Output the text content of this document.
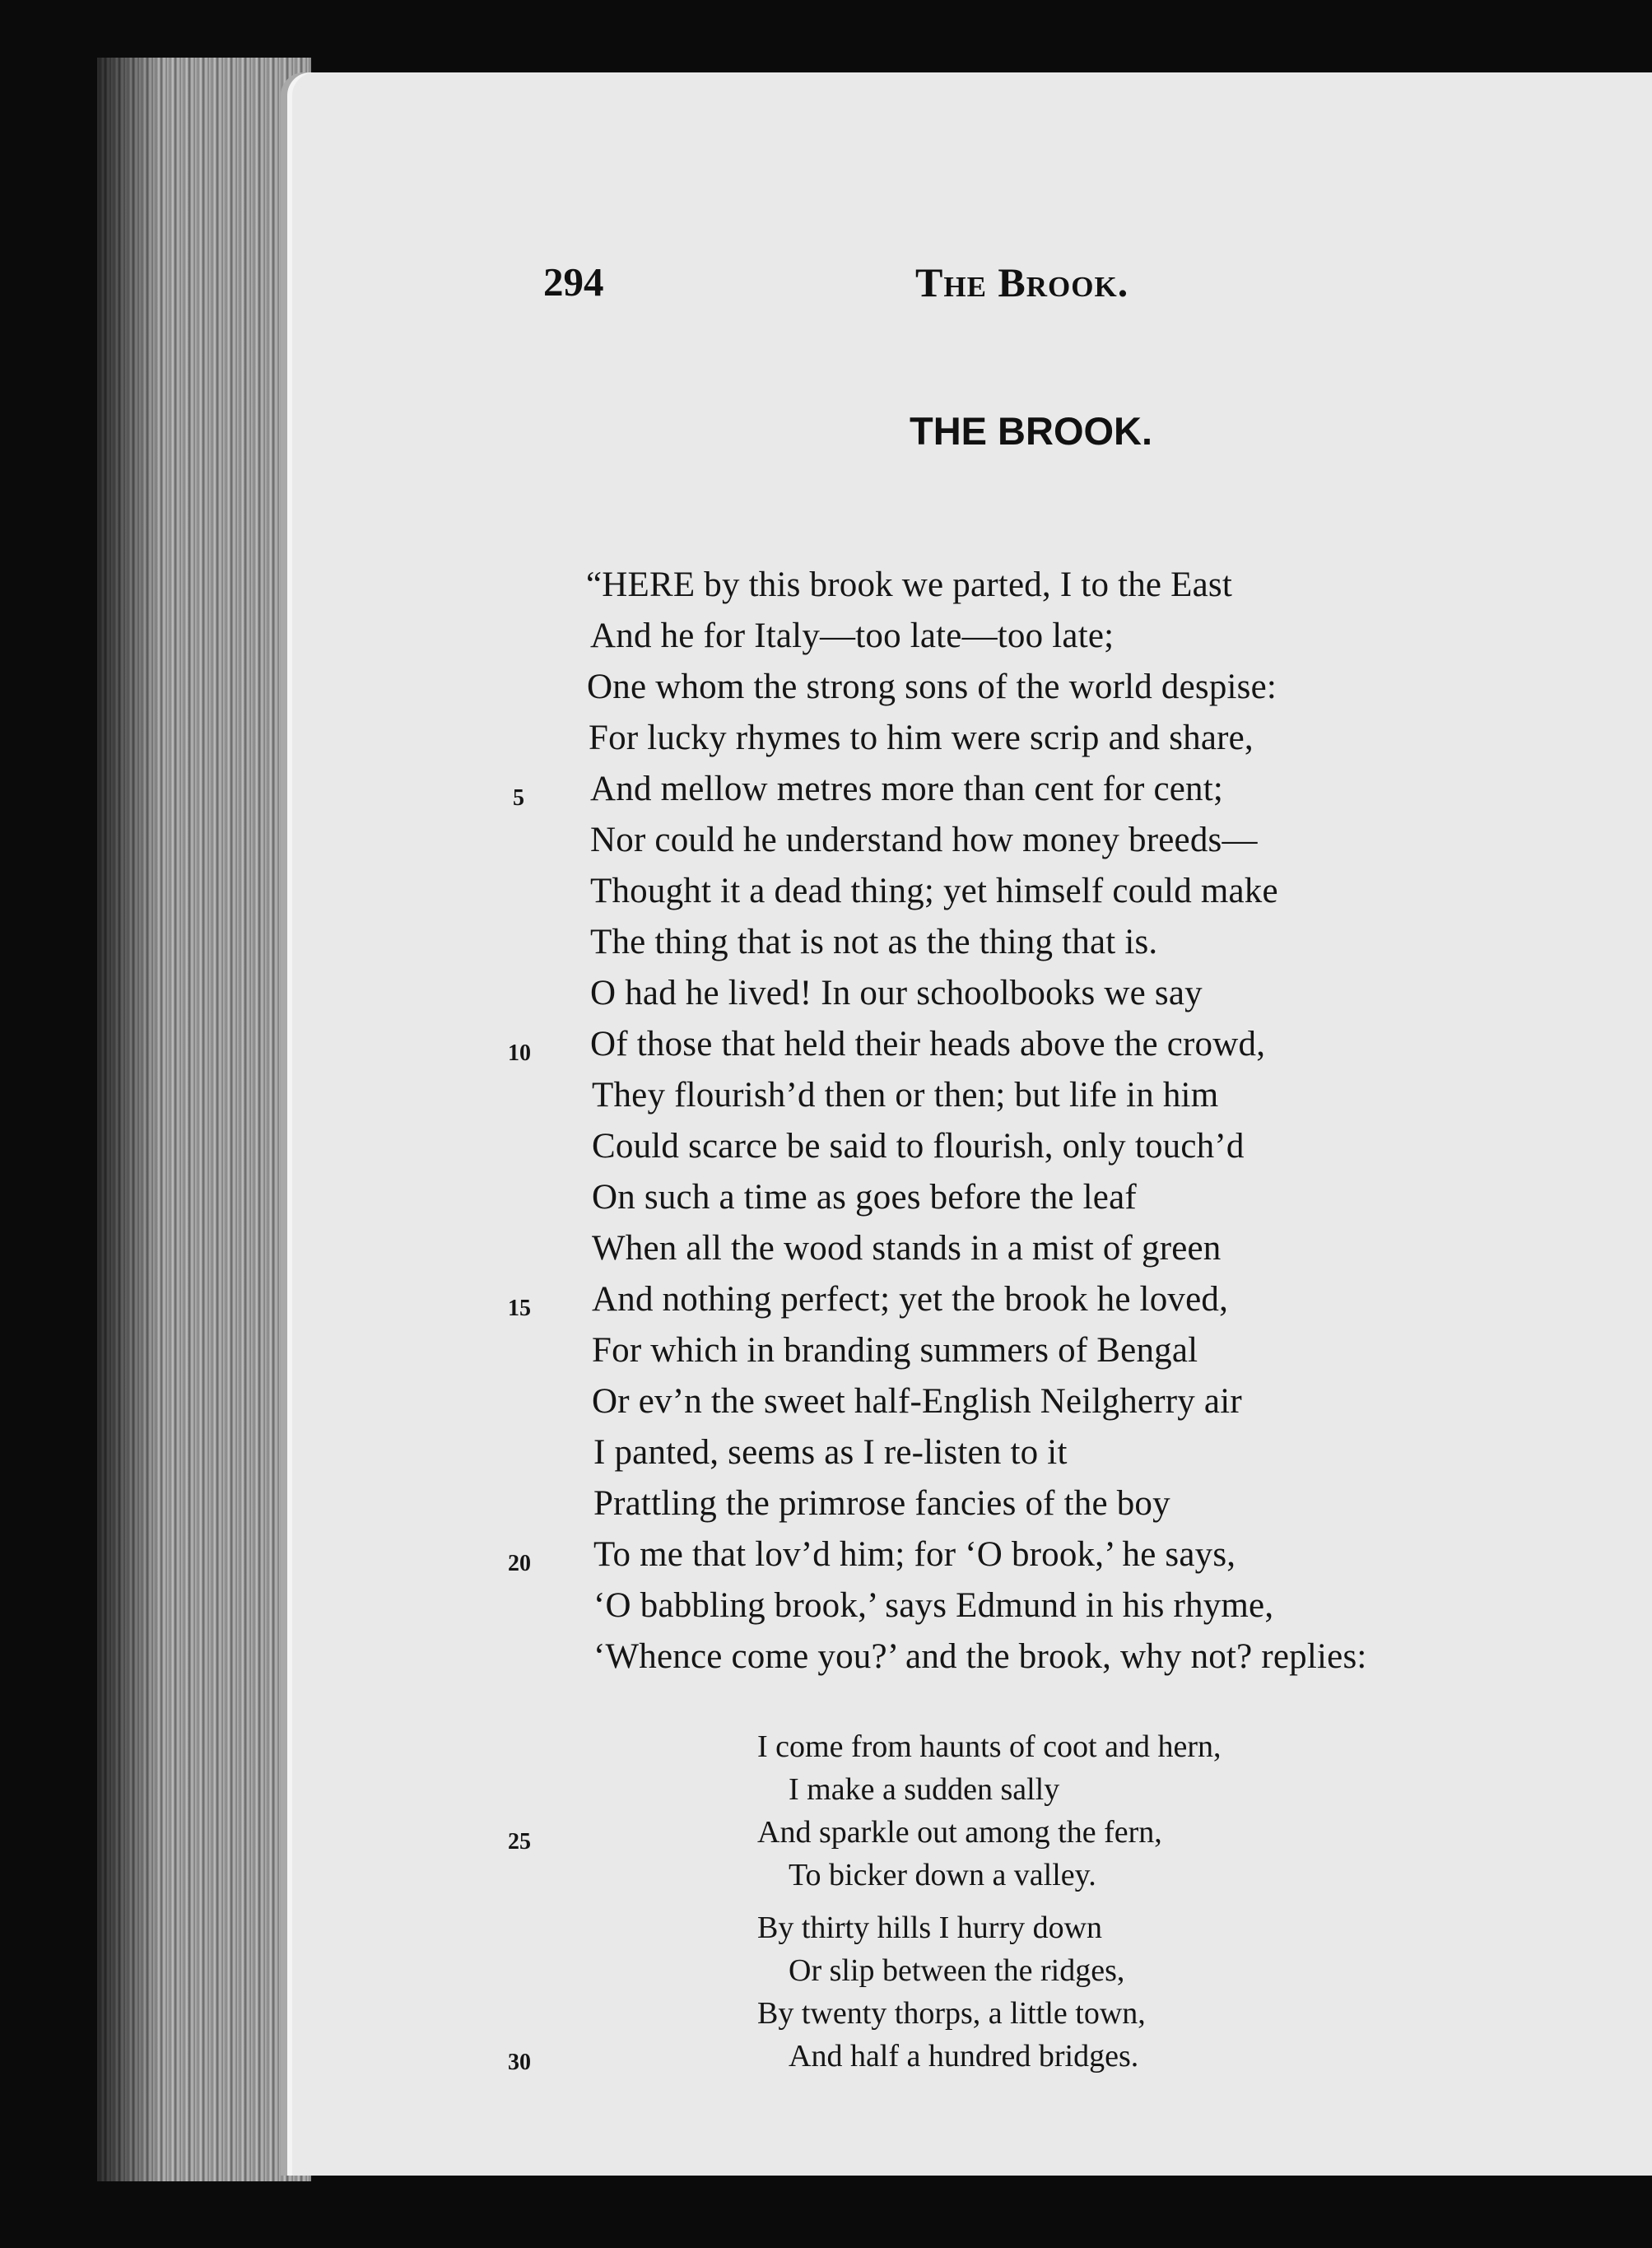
294	The Brook.
THE BROOK.
“HERE by this brook we parted, I to the East
And he for Italy—too late—too late;
One whom the strong sons of the world despise:
For lucky rhymes to him were scrip and share,
And mellow metres more than cent for cent;
Nor could he understand how money breeds—
Thought it a dead thing; yet himself could make
The thing that is not as the thing that is.
O had he lived! In our schoolbooks we say
Of those that held their heads above the crowd,
They flourish’d then or then; but life in him
Could scarce be said to flourish, only touch’d
On such a time as goes before the leaf
When all the wood stands in a mist of green
And nothing perfect; yet the brook he loved,
For which in branding summers of Bengal
Or ev’n the sweet half-English Neilgherry air
I panted, seems as I re-listen to it
Prattling the primrose fancies of the boy
To me that lov’d him; for ‘O brook,’ he says,
‘O babbling brook,’ says Edmund in his rhyme,
‘Whence come you?’ and the brook, why not? replies:
I come from haunts of coot and hern,
I make a sudden sally
And sparkle out among the fern,
To bicker down a valley.
By thirty hills I hurry down
Or slip between the ridges,
By twenty thorps, a little town,
And half a hundred bridges.
5
10
15
20
25
30
